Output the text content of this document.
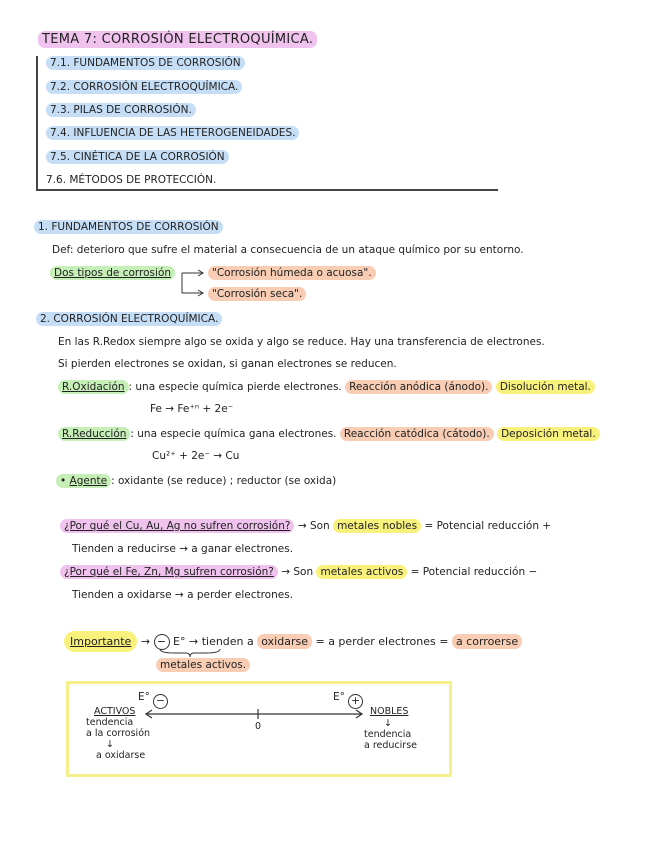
TEMA 7: CORROSIÓN ELECTROQUÍMICA.
7.1. FUNDAMENTOS DE CORROSIÓN
7.2. CORROSIÓN ELECTROQUÍMICA.
7.3. PILAS DE CORROSIÓN.
7.4. INFLUENCIA DE LAS HETEROGENEIDADES.
7.5. CINÉTICA DE LA CORROSIÓN
7.6. MÉTODOS DE PROTECCIÓN.
1. FUNDAMENTOS DE CORROSIÓN
Def: deterioro que sufre el material a consecuencia de un ataque químico por su entorno.
Dos tipos de corrosión	"Corrosión húmeda o acuosa".
"Corrosión seca".
2. CORROSIÓN ELECTROQUÍMICA.
En las R.Redox siempre algo se oxida y algo se reduce. Hay una transferencia de electrones.
Si pierden electrones se oxidan, si ganan electrones se reducen.
R.Oxidación : una especie química pierde electrones. Reacción anódica (ánodo). Disolución metal.
Fe → Fe⁺ⁿ + 2e⁻
R.Reducción : una especie química gana electrones. Reacción catódica (cátodo). Deposición metal.
Cu²⁺ + 2e⁻ → Cu
• Agente : oxidante (se reduce) ; reductor (se oxida)
¿Por qué el Cu, Au, Ag no sufren corrosión? → Son metales nobles = Potencial reducción +
Tienden a reducirse → a ganar electrones.
¿Por qué el Fe, Zn, Mg sufren corrosión? → Son metales activos = Potencial reducción −
Tienden a oxidarse → a perder electrones.
Importante → − E° → tienden a oxidarse = a perder electrones = a corroerse
metales activos.
E° −	E° +
ACTIVOS
tendencia
a la corrosión
↓
a oxidarse
0
NOBLES
↓
tendencia
a reducirse
